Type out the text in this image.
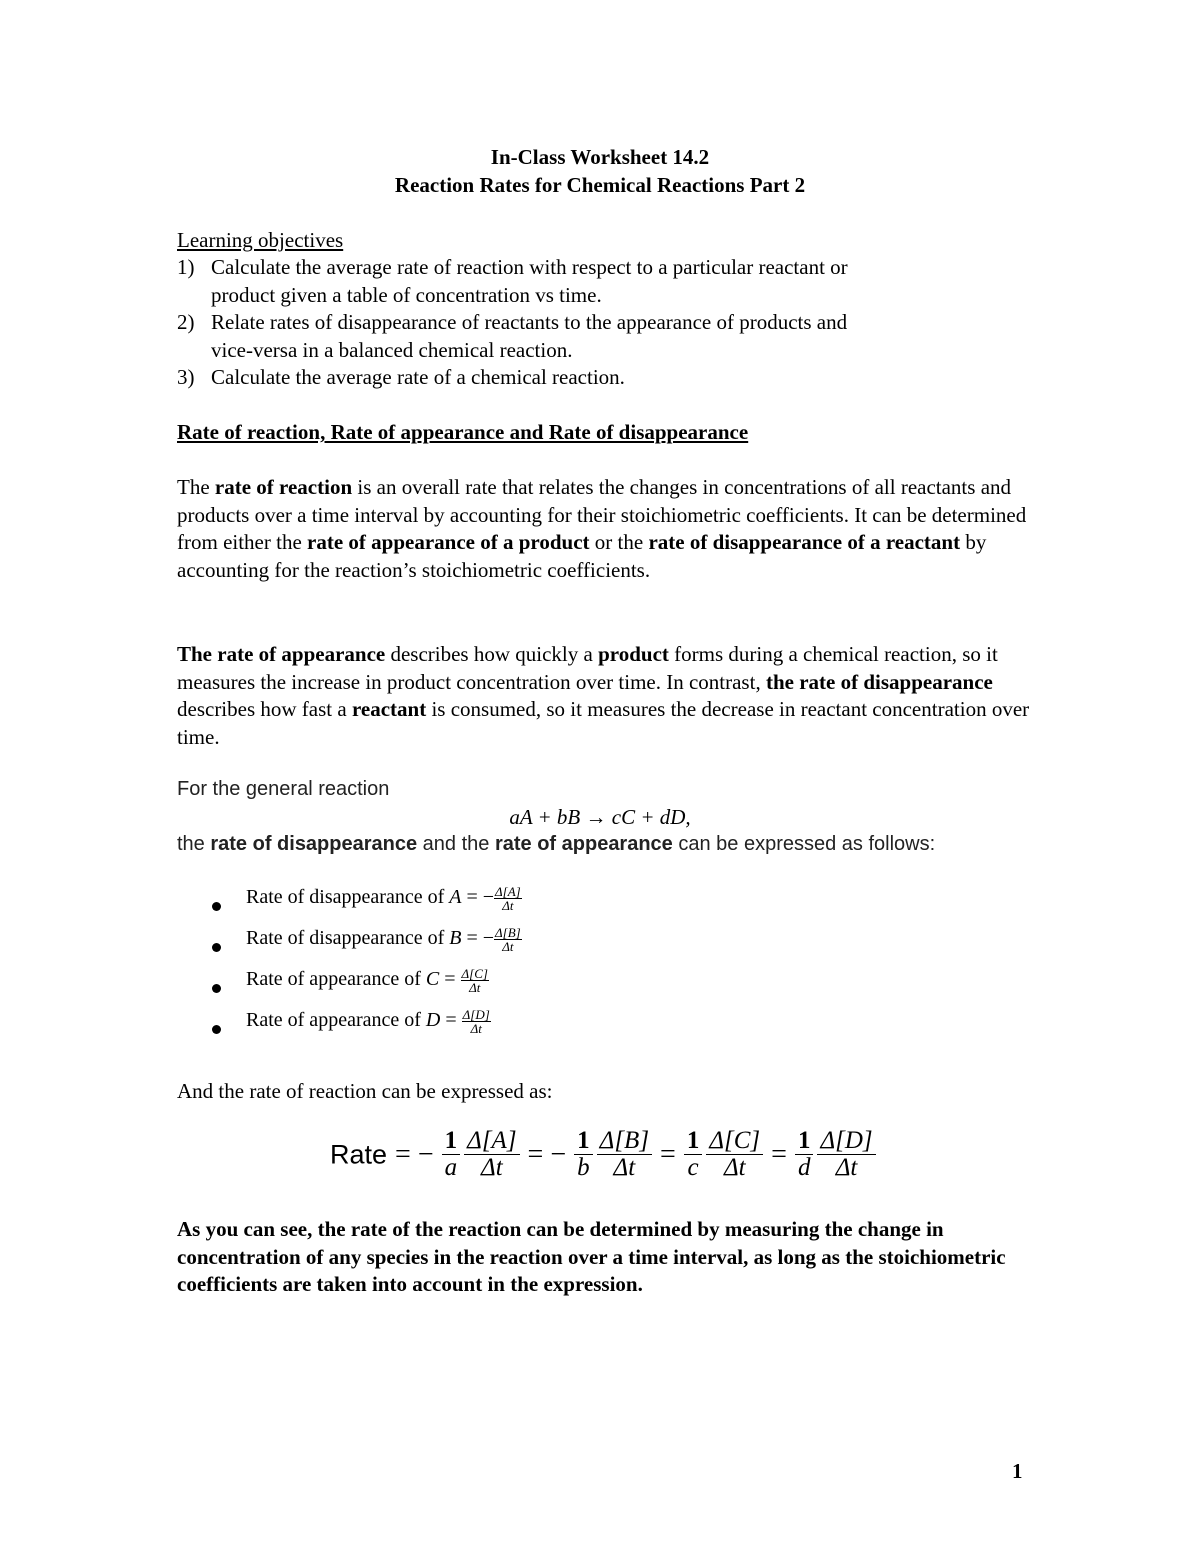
In-Class Worksheet 14.2
Reaction Rates for Chemical Reactions Part 2
Learning objectives
1) Calculate the average rate of reaction with respect to a particular reactant or
product given a table of concentration vs time.
2) Relate rates of disappearance of reactants to the appearance of products and
vice-versa in a balanced chemical reaction.
3) Calculate the average rate of a chemical reaction.
Rate of reaction, Rate of appearance and Rate of disappearance
The rate of reaction is an overall rate that relates the changes in concentrations of all reactants and products over a time interval by accounting for their stoichiometric coefficients. It can be determined from either the rate of appearance of a product or the rate of disappearance of a reactant by accounting for the reaction’s stoichiometric coefficients.
The rate of appearance describes how quickly a product forms during a chemical reaction, so it measures the increase in product concentration over time. In contrast, the rate of disappearance describes how fast a reactant is consumed, so it measures the decrease in reactant concentration over time.
For the general reaction
aA + bB → cC + dD,
the rate of disappearance and the rate of appearance can be expressed as follows:
Rate of disappearance of A = − $\frac{\Delta[A]}{\Delta t}$
Rate of disappearance of B = − $\frac{\Delta[B]}{\Delta t}$
Rate of appearance of $C = \frac{\Delta[C]}{\Delta t}$
Rate of appearance of $D = \frac{\Delta[D]}{\Delta t}$
And the rate of reaction can be expressed as:
Rate = − $\frac{1}{a}$
$\frac{\Delta[A]}{\Delta t}$ = − $\frac{1}{b}$
$\frac{\Delta[B]}{\Delta t} = \frac{1}{c}$
$\frac{\Delta[C]}{\Delta t} = \frac{1}{d}$
$\frac{\Delta[D]}{\Delta t}$
As you can see, the rate of the reaction can be determined by measuring the change in concentration of any species in the reaction over a time interval, as long as the stoichiometric coefficients are taken into account in the expression.
1
